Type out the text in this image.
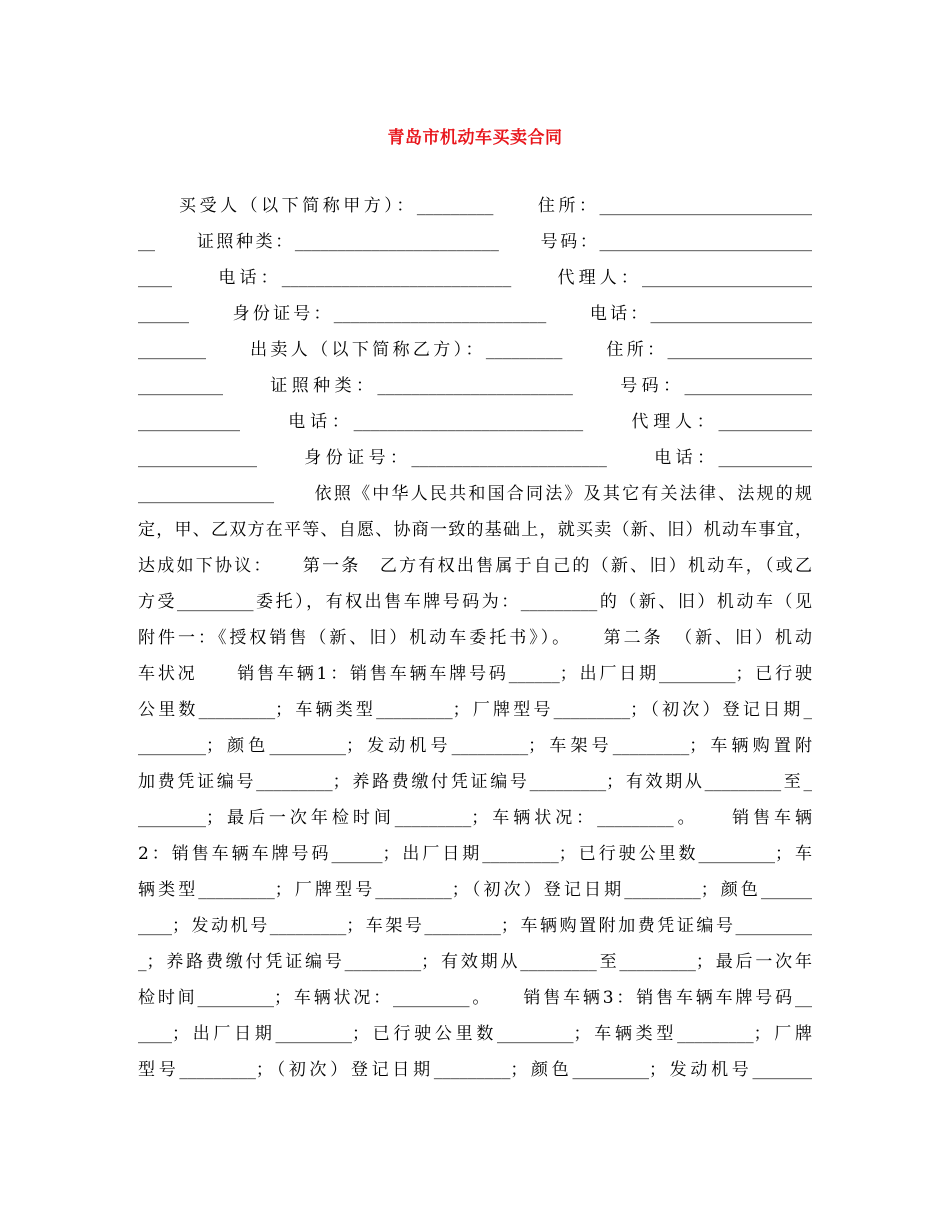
青岛市机动车买卖合同
　　买受人（以下简称甲方）：_________　　住所：_________________________
__　　证照种类：________________________　　号码：_________________________
____　　电话：___________________________　　代理人：____________________
______　　身份证号：_________________________　　电话：___________________
________　　出卖人（以下简称乙方）：_________　　住所：_________________
__________　　证照种类：_______________________　　号码：_______________
____________　　电话：___________________________　　代理人：___________
______________　　身份证号：_______________________　　电话：___________
________________　　依照《中华人民共和国合同法》及其它有关法律、法规的规
定，甲、乙双方在平等、自愿、协商一致的基础上，就买卖（新、旧）机动车事宜，
达成如下协议：　　第一条　乙方有权出售属于自己的（新、旧）机动车，（或乙
方受_________委托），有权出售车牌号码为：_________的（新、旧）机动车（见
附件一：《授权销售（新、旧）机动车委托书》）。　　第二条　（新、旧）机动
车状况　　销售车辆1：销售车辆车牌号码______；出厂日期_________；已行驶
公里数_________；车辆类型_________；厂牌型号_________；（初次）登记日期_
________；颜色_________；发动机号_________；车架号_________；车辆购置附
加费凭证编号_________；养路费缴付凭证编号_________；有效期从_________至_
________；最后一次年检时间_________；车辆状况：_________。　　销售车辆
2：销售车辆车牌号码______；出厂日期_________；已行驶公里数_________；车
辆类型_________；厂牌型号_________；（初次）登记日期_________；颜色______
____；发动机号_________；车架号_________；车辆购置附加费凭证编号_________
_；养路费缴付凭证编号_________；有效期从_________至_________；最后一次年
检时间_________；车辆状况：_________。　　销售车辆3：销售车辆车牌号码__
____；出厂日期_________；已行驶公里数_________；车辆类型_________；厂牌
型号_________；（初次）登记日期_________；颜色_________；发动机号_______
